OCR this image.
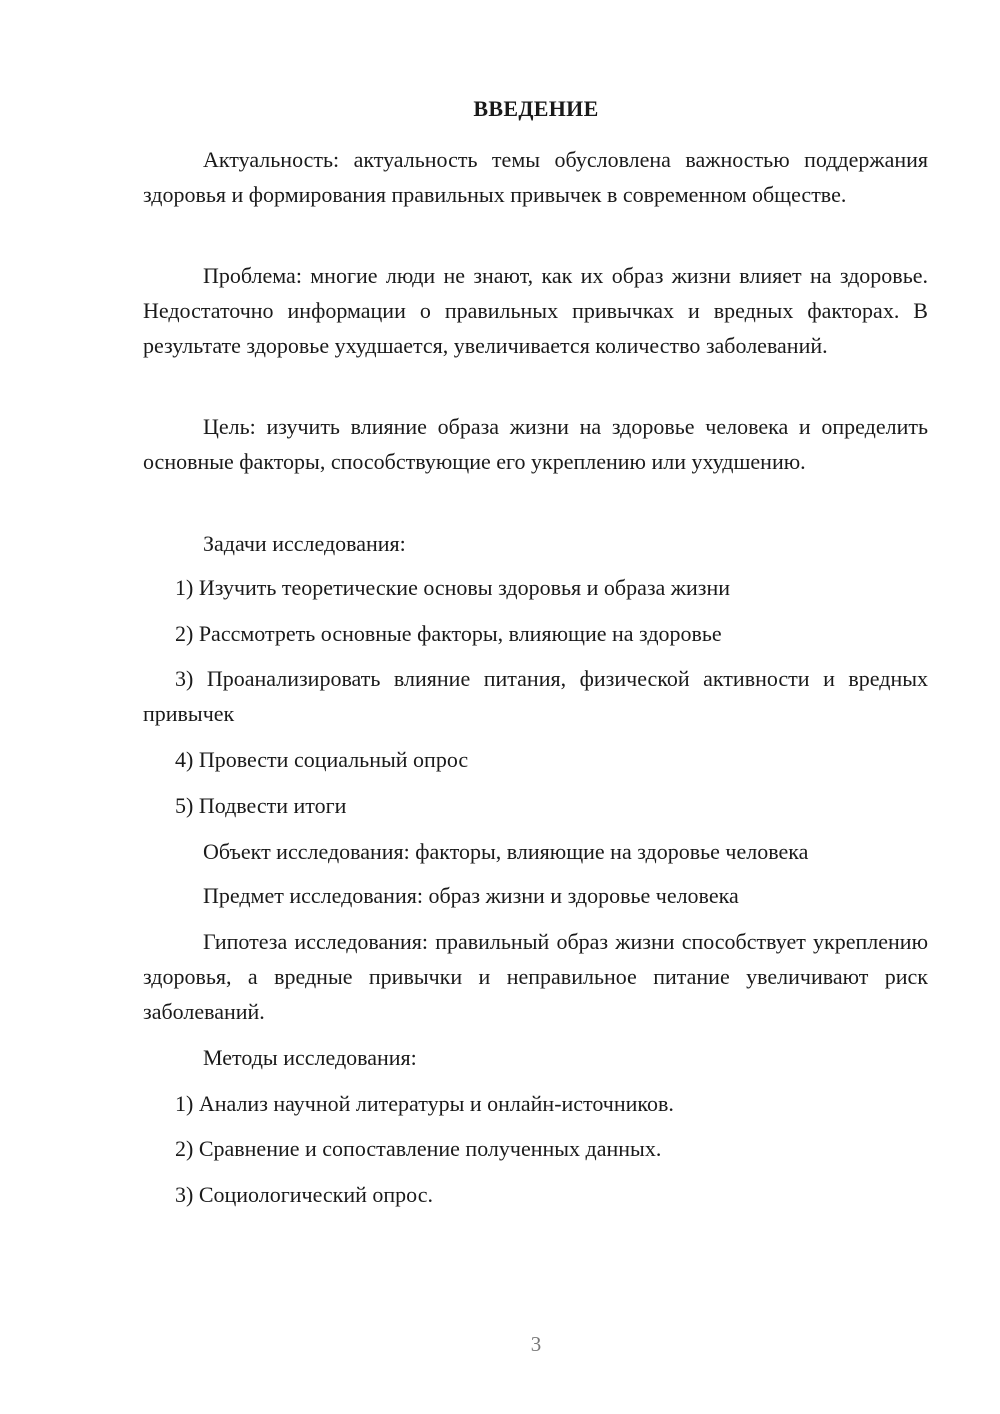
ВВЕДЕНИЕ

Актуальность: актуальность темы обусловлена важностью поддержания здоровья и формирования правильных привычек в современном обществе.

Проблема: многие люди не знают, как их образ жизни влияет на здоровье. Недостаточно информации о правильных привычках и вредных факторах. В результате здоровье ухудшается, увеличивается количество заболеваний.

Цель: изучить влияние образа жизни на здоровье человека и определить основные факторы, способствующие его укреплению или ухудшению.

Задачи исследования:

1) Изучить теоретические основы здоровья и образа жизни

2) Рассмотреть основные факторы, влияющие на здоровье

3) Проанализировать влияние питания, физической активности и вредных привычек

4) Провести социальный опрос

5) Подвести итоги

Объект исследования: факторы, влияющие на здоровье человека

Предмет исследования: образ жизни и здоровье человека

Гипотеза исследования: правильный образ жизни способствует укреплению здоровья, а вредные привычки и неправильное питание увеличивают риск заболеваний.

Методы исследования:

1) Анализ научной литературы и онлайн-источников.

2) Сравнение и сопоставление полученных данных.

3) Социологический опрос.

3
